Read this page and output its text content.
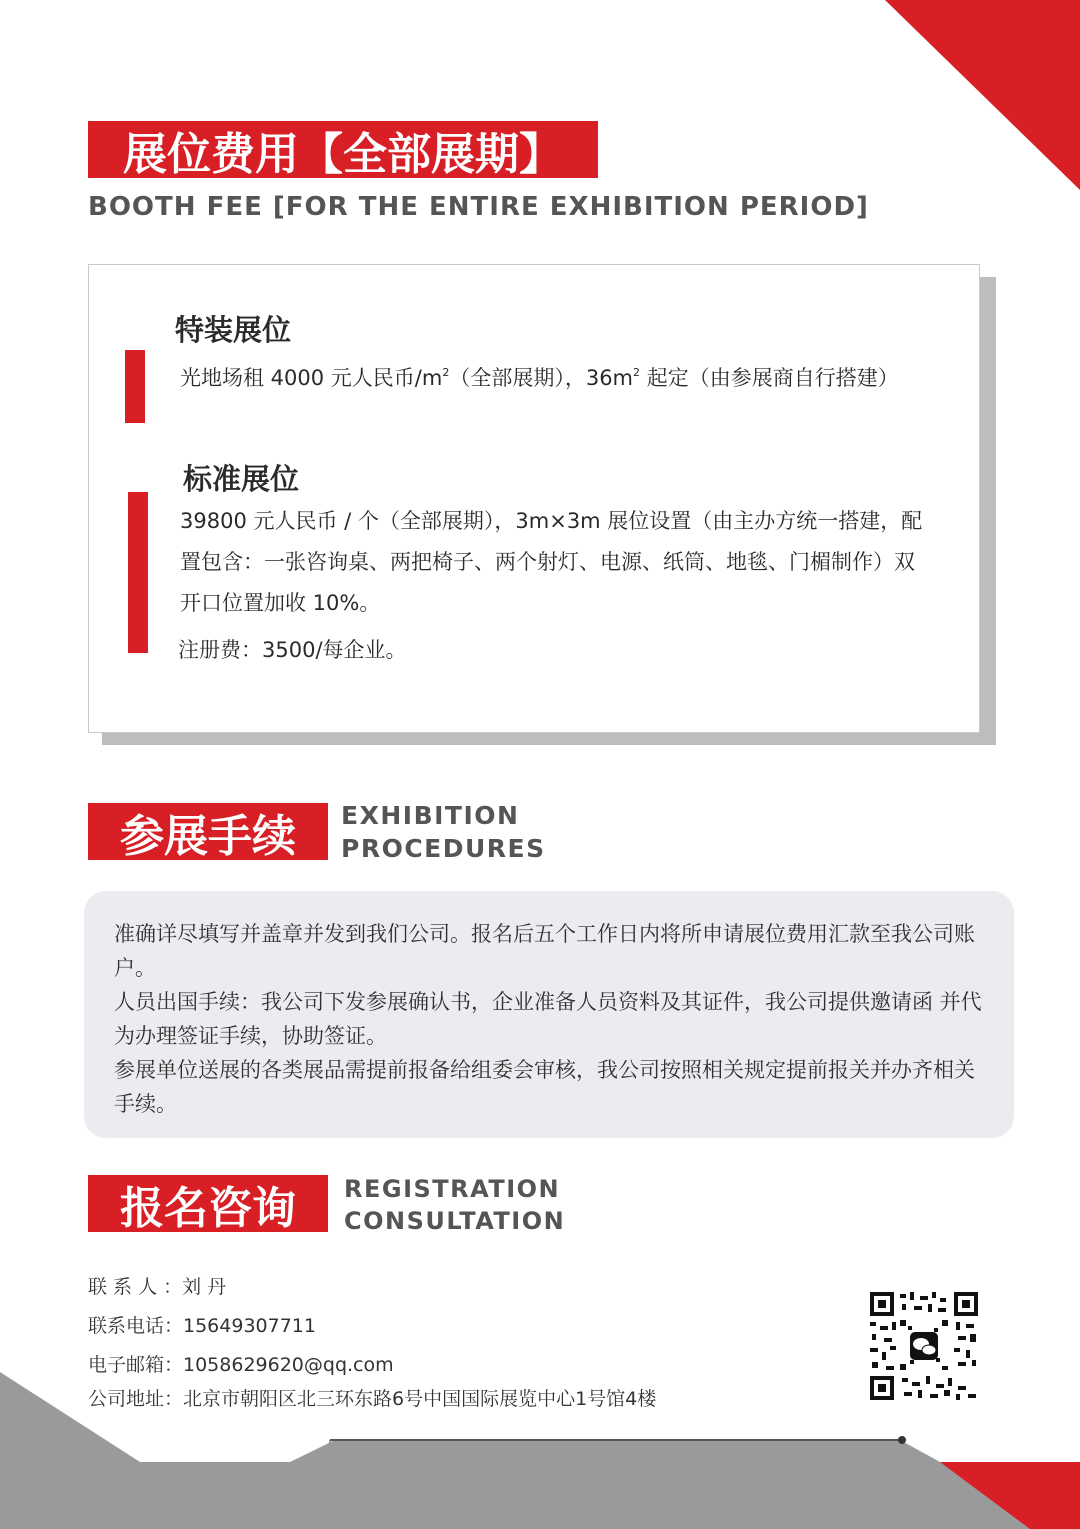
展位费用【全部展期】
BOOTH FEE [FOR THE ENTIRE EXHIBITION PERIOD]
特装展位
光地场租 4000 元人民币$/m^2$（全部展期），$36m^2$ 起定（由参展商自行搭建）
标准展位
39800 元人民币 / 个（全部展期），3m×3m 展位设置（由主办方统一搭建，配置包含：一张咨询桌、两把椅子、两个射灯、电源、纸筒、地毯、门楣制作）双开口位置加收 10%。
注册费：3500/每企业。
参展手续 EXHIBITION
PROCEDURES
准确详尽填写并盖章并发到我们公司。报名后五个工作日内将所申请展位费用汇款至我公司账户。
人员出国手续：我公司下发参展确认书，企业准备人员资料及其证件，我公司提供邀请函 并代为办理签证手续，协助签证。
参展单位送展的各类展品需提前报备给组委会审核，我公司按照相关规定提前报关并办齐相关手续。
报名咨询 REGISTRATION
CONSULTATION
联 系 人 ：刘 丹
联系电话：15649307711
电子邮箱：1058629620@qq.com
公司地址：北京市朝阳区北三环东路6号中国国际展览中心1号馆4楼
